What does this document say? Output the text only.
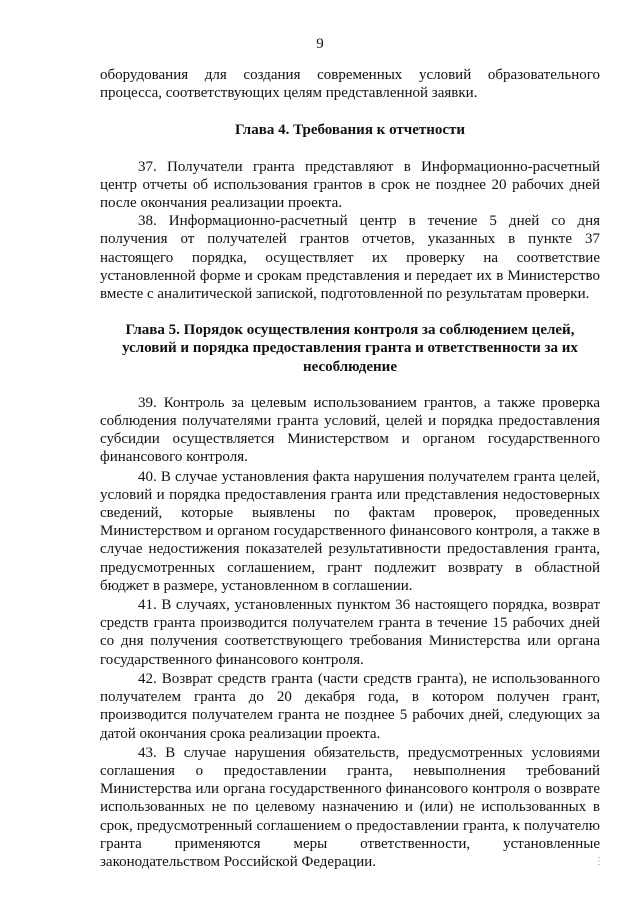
9

оборудования для создания современных условий образовательного процесса, соответствующих целям представленной заявки.

Глава 4. Требования к отчетности

37. Получатели гранта представляют в Информационно-расчетный центр отчеты об использования грантов в срок не позднее 20 рабочих дней после окончания реализации проекта.

38. Информационно-расчетный центр в течение 5 дней со дня получения от получателей грантов отчетов, указанных в пункте 37 настоящего порядка, осуществляет их проверку на соответствие установленной форме и срокам представления и передает их в Министерство вместе с аналитической запиской, подготовленной по результатам проверки.

Глава 5. Порядок осуществления контроля за соблюдением целей, условий и порядка предоставления гранта и ответственности за их несоблюдение

39. Контроль за целевым использованием грантов, а также проверка соблюдения получателями гранта условий, целей и порядка предоставления субсидии осуществляется Министерством и органом государственного финансового контроля.

40. В случае установления факта нарушения получателем гранта целей, условий и порядка предоставления гранта или представления недостоверных сведений, которые выявлены по фактам проверок, проведенных Министерством и органом государственного финансового контроля, а также в случае недостижения показателей результативности предоставления гранта, предусмотренных соглашением, грант подлежит возврату в областной бюджет в размере, установленном в соглашении.

41. В случаях, установленных пунктом 36 настоящего порядка, возврат средств гранта производится получателем гранта в течение 15 рабочих дней со дня получения соответствующего требования Министерства или органа государственного финансового контроля.

42. Возврат средств гранта (части средств гранта), не использованного получателем гранта до 20 декабря года, в котором получен грант, производится получателем гранта не позднее 5 рабочих дней, следующих за датой окончания срока реализации проекта.

43. В случае нарушения обязательств, предусмотренных условиями соглашения о предоставлении гранта, невыполнения требований Министерства или органа государственного финансового контроля о возврате использованных не по целевому назначению и (или) не использованных в срок, предусмотренный соглашением о предоставлении гранта, к получателю гранта применяются меры ответственности, установленные законодательством Российской Федерации.	⋮
